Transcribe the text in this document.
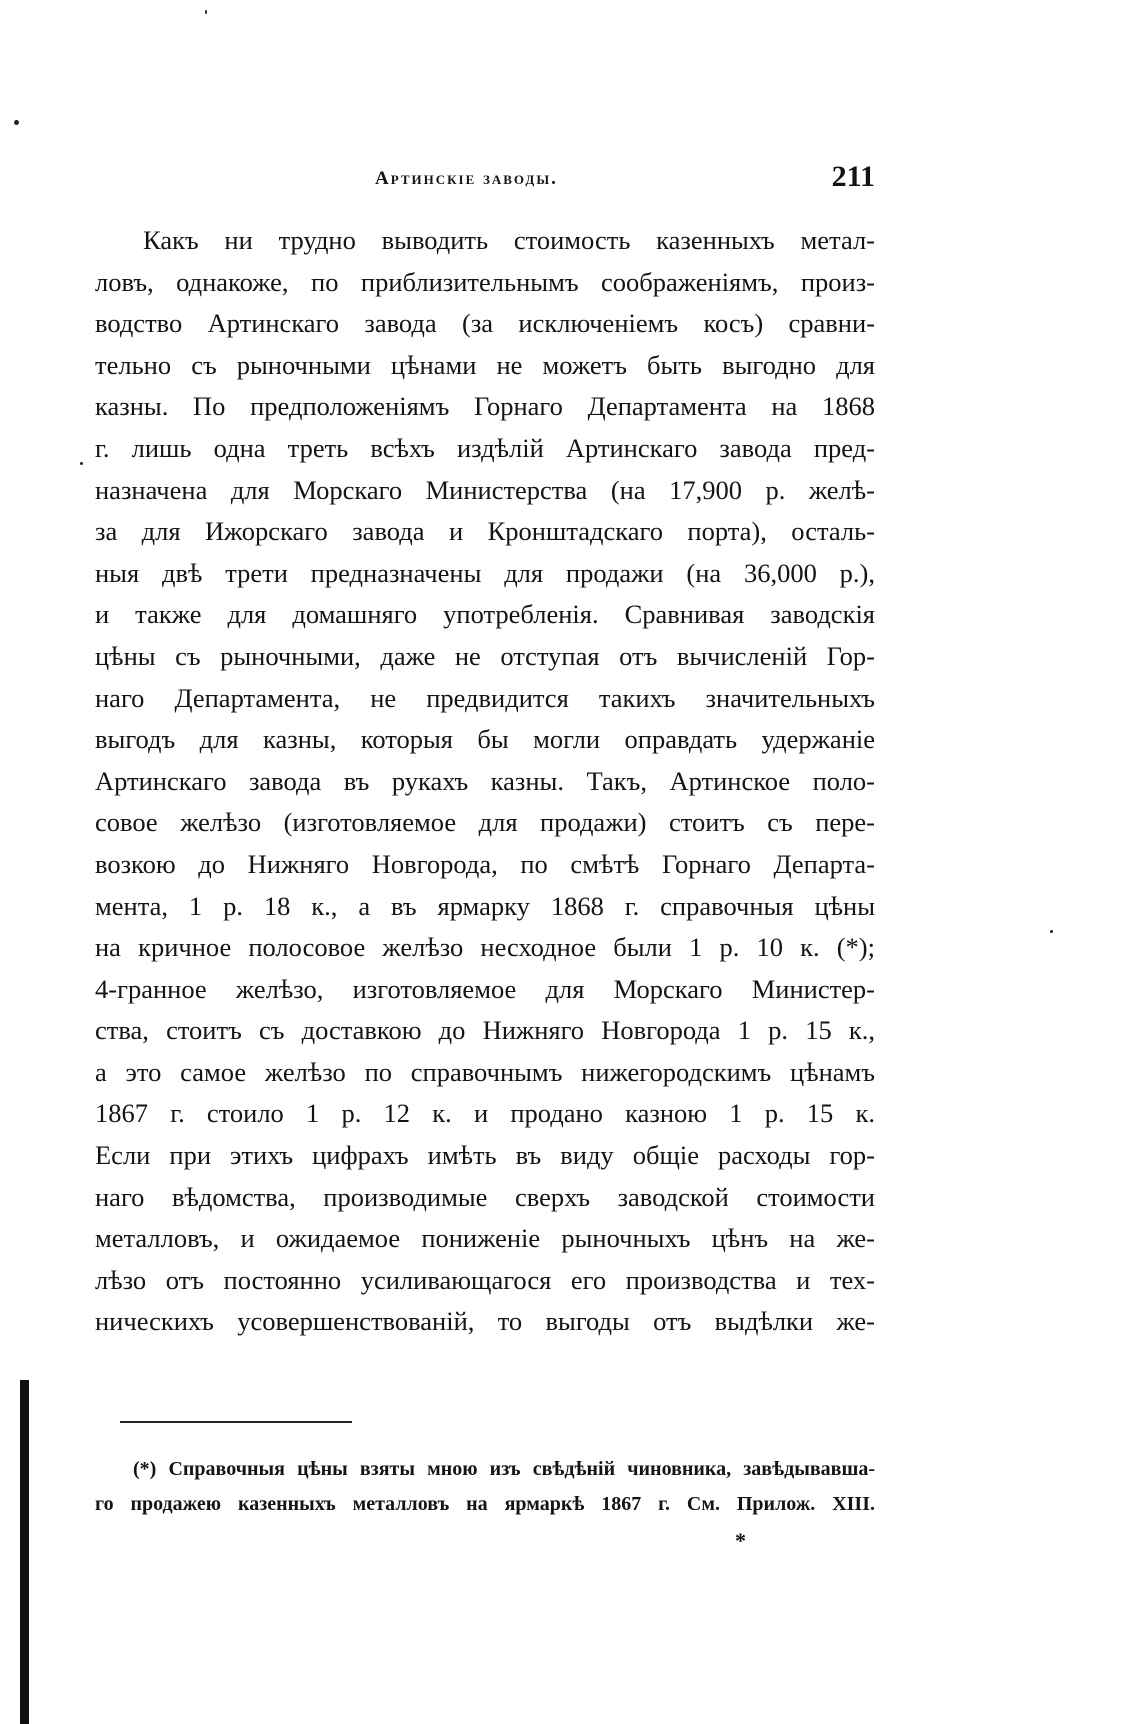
Артинскіе заводы.	211
Какъ ни трудно выводить стоимость казенныхъ метал-
ловъ, однакоже, по приблизительнымъ соображеніямъ, произ-
водство Артинскаго завода (за исключеніемъ косъ) сравни-
тельно съ рыночными цѣнами не можетъ быть выгодно для
казны. По предположеніямъ Горнаго Департамента на 1868
г. лишь одна треть всѣхъ издѣлій Артинскаго завода пред-
назначена для Морскаго Министерства (на 17,900 р. желѣ-
за для Ижорскаго завода и Кронштадскаго порта), осталь-
ныя двѣ трети предназначены для продажи (на 36,000 р.),
и также для домашняго употребленія. Сравнивая заводскія
цѣны съ рыночными, даже не отступая отъ вычисленій Гор-
наго Департамента, не предвидится такихъ значительныхъ
выгодъ для казны, которыя бы могли оправдать удержаніе
Артинскаго завода въ рукахъ казны. Такъ, Артинское поло-
совое желѣзо (изготовляемое для продажи) стоитъ съ пере-
возкою до Нижняго Новгорода, по смѣтѣ Горнаго Департа-
мента, 1 р. 18 к., а въ ярмарку 1868 г. справочныя цѣны
на кричное полосовое желѣзо несходное были 1 р. 10 к. (*);
4-гранное желѣзо, изготовляемое для Морскаго Министер-
ства, стоитъ съ доставкою до Нижняго Новгорода 1 р. 15 к.,
а это самое желѣзо по справочнымъ нижегородскимъ цѣнамъ
1867 г. стоило 1 р. 12 к. и продано казною 1 р. 15 к.
Если при этихъ цифрахъ имѣть въ виду общіе расходы гор-
наго вѣдомства, производимые сверхъ заводской стоимости
металловъ, и ожидаемое пониженіе рыночныхъ цѣнъ на же-
лѣзо отъ постоянно усиливающагося его производства и тех-
ническихъ усовершенствованій, то выгоды отъ выдѣлки же-
(*) Справочныя цѣны взяты мною изъ свѣдѣній чиновника, завѣдывавша-
го продажею казенныхъ металловъ на ярмаркѣ 1867 г. См. Прилож. XIII.
*
